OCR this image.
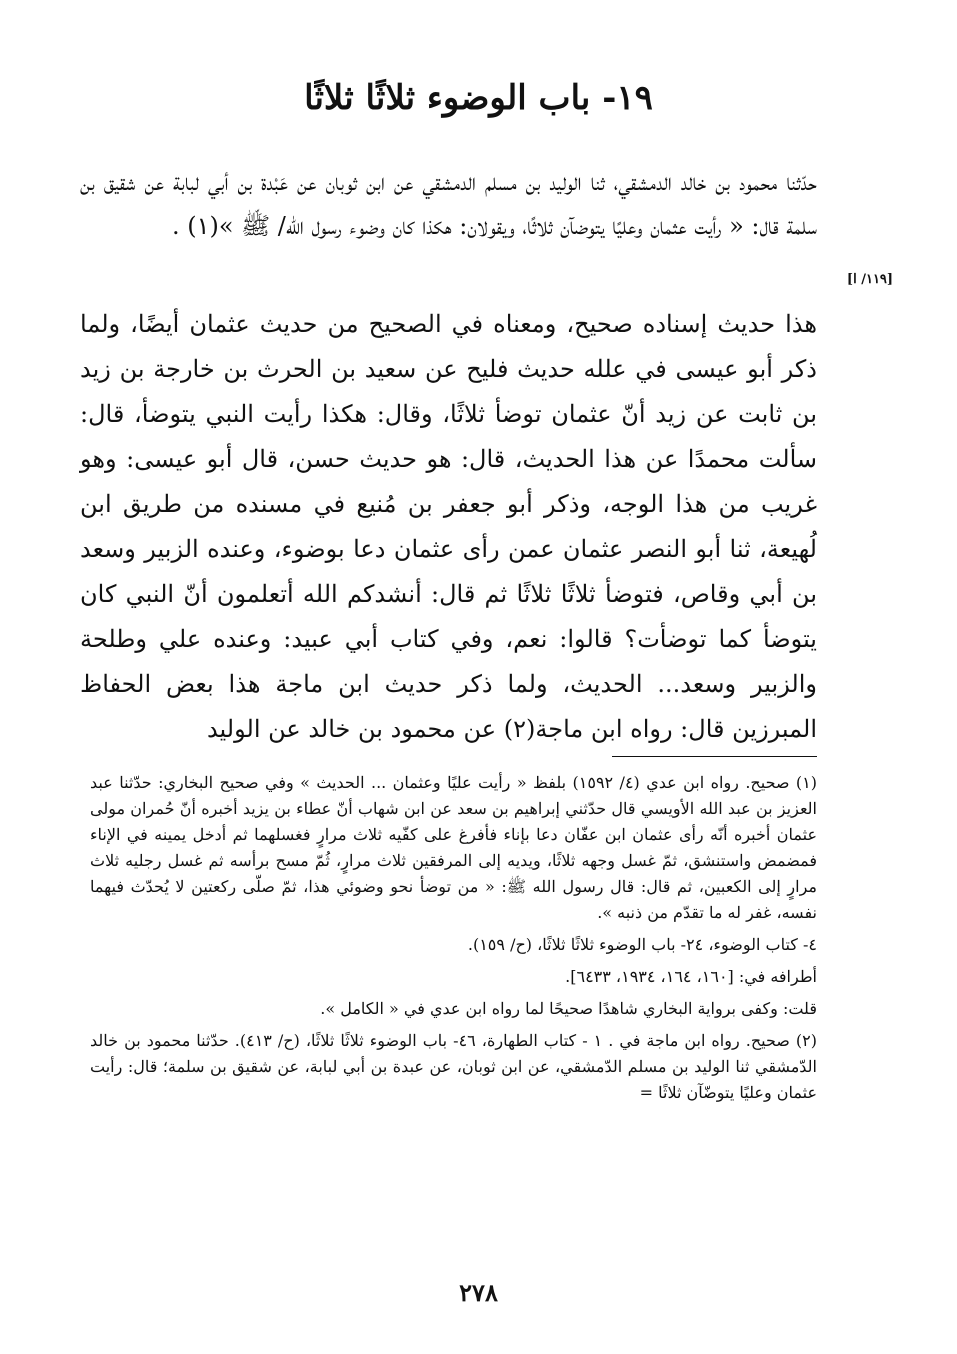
١٩- باب الوضوء ثلاثًا ثلاثًا
حدّثنا محمود بن خالد الدمشقي، ثنا الوليد بن مسلم الدمشقي عن ابن ثوبان عن عَبْدة بن أبي لبابة عن شقيق بن سلمة قال: « رأيت عثمان وعليًا يتوضآن ثلاثًا، ويقولان: هكذا كان وضوء رسول الله/ ﷺ »(١) .
[١١٩/ ا]
هذا حديث إسناده صحيح، ومعناه في الصحيح من حديث عثمان أيضًا، ولما ذكر أبو عيسى في علله حديث فليح عن سعيد بن الحرث بن خارجة بن زيد بن ثابت عن زيد أنّ عثمان توضأ ثلاثًا، وقال: هكذا رأيت النبي يتوضأ، قال: سألت محمدًا عن هذا الحديث، قال: هو حديث حسن، قال أبو عيسى: وهو غريب من هذا الوجه، وذكر أبو جعفر بن مُنيع في مسنده من طريق ابن لُهيعة، ثنا أبو النصر عثمان عمن رأى عثمان دعا بوضوء، وعنده الزبير وسعد بن أبي وقاص، فتوضأ ثلاثًا ثلاثًا ثم قال: أنشدكم الله أتعلمون أنّ النبي كان يتوضأ كما توضأت؟ قالوا: نعم، وفي كتاب أبي عبيد: وعنده علي وطلحة والزبير وسعد... الحديث، ولما ذكر حديث ابن ماجة هذا بعض الحفاظ المبرزين قال: رواه ابن ماجة(٢) عن محمود بن خالد عن الوليد

(١) صحيح. رواه ابن عدي (٤/ ١٥٩٢) بلفظ « رأيت عليًا وعثمان ... الحديث » وفي صحيح البخاري: حدّثنا عبد العزيز بن عبد الله الأويسي قال حدّثني إبراهيم بن سعد عن ابن شهاب أنّ عطاء بن يزيد أخبره أنّ حُمران مولى عثمان أخبره أنّه رأى عثمان ابن عفّان دعا بإناء فأفرغ على كفّيه ثلاث مرارٍ فغسلهما ثم أدخل يمينه في الإناء فمضمض واستنشق، ثمّ غسل وجهه ثلاثًا، ويديه إلى المرفقين ثلاث مرارٍ، ثُمّ مسح برأسه ثم غسل رجليه ثلاث مرارٍ إلى الكعبين، ثم قال: قال رسول الله ﷺ: « من توضأ نحو وضوئي هذا، ثمّ صلّى ركعتين لا يُحدّث فيهما نفسه، غفر له ما تقدّم من ذنبه ».

٤- كتاب الوضوء، ٢٤- باب الوضوء ثلاثًا ثلاثًا، (ح/ ١٥٩).

أطرافه في: [١٦٠، ١٦٤، ١٩٣٤، ٦٤٣٣].

قلت: وكفى برواية البخاري شاهدًا صحيحًا لما رواه ابن عدي في « الكامل ».

(٢) صحيح. رواه ابن ماجة في . ١ - كتاب الطهارة، ٤٦- باب الوضوء ثلاثًا ثلاثًا، (ح/ ٤١٣). حدّثنا محمود بن خالد الدّمشقي ثنا الوليد بن مسلم الدّمشقي، عن ابن ثوبان، عن عبدة بن أبي لبابة، عن شقيق بن سلمة؛ قال: رأيت عثمان وعليًا يتوضّآن ثلاثًا =

٢٧٨
